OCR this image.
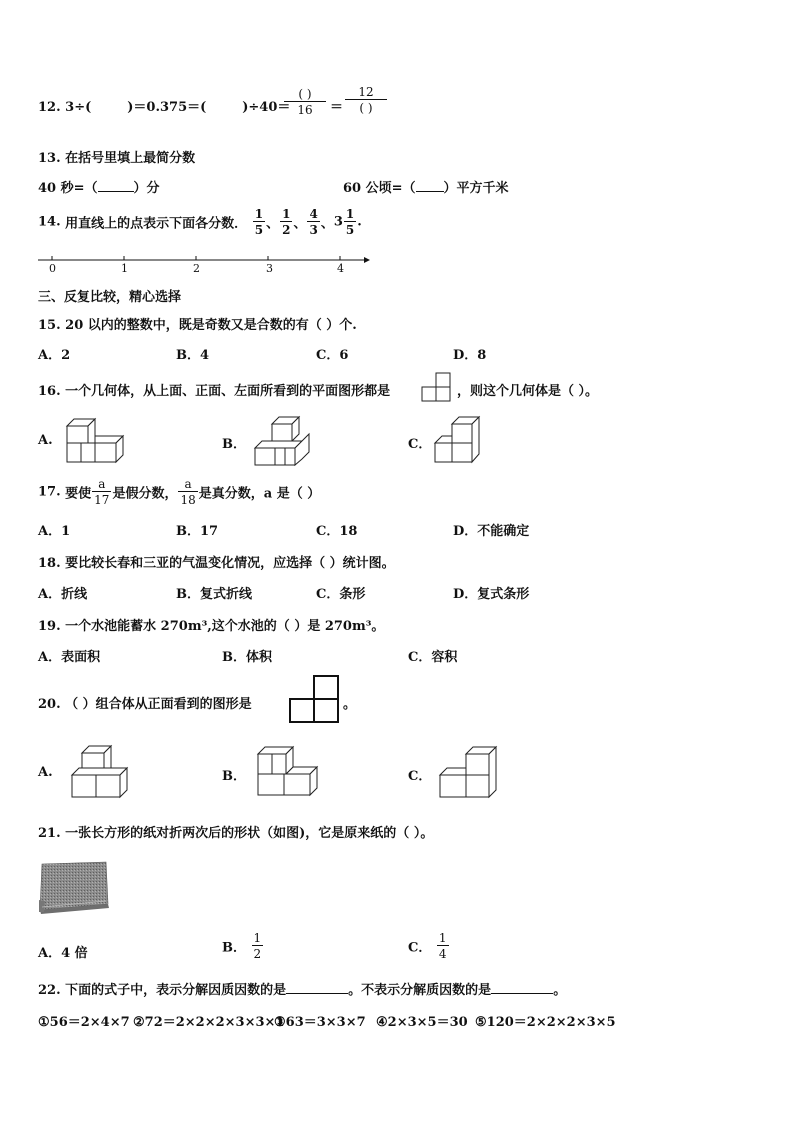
12. 3÷(	)＝0.375＝(	)÷40＝
$\frac{( )}{16} = \frac{12}{( )}$
13. 在括号里填上最简分数
40 秒=（	）分	60 公顷=（ ）平方千米
14. 用直线上的点表示下面各分数． $\frac{1}{5}$ 、 $\frac{1}{2}$ 、 $\frac{4}{3}$ 、$3 \frac{1}{5}$ .
0	1	2	3	4
三、反复比较，精心选择
15. 20 以内的整数中，既是奇数又是合数的有（ ）个.
A．2	B．4	C．6	D．8
16. 一个几何体，从上面、正面、左面所看到的平面图形都是	，则这个几何体是（ ）。
A.	B．	C．
17. 要使 $\frac{a}{17}$ 是假分数， $\frac{a}{18}$ 是真分数，a 是（ ）
A．1	B．17	C．18	D．不能确定
18. 要比较长春和三亚的气温变化情况，应选择（ ）统计图。
A．折线	B．复式折线	C．条形	D．复式条形
19. 一个水池能蓄水 270m³,这个水池的（ ）是 270m³。
A．表面积	B．体积	C．容积
20. （ ）组合体从正面看到的图形是	。
A.	B．	C．
21. 一张长方形的纸对折两次后的形状（如图)，它是原来纸的（ ）。
A．4 倍	B． $\frac{1}{2}$	C． $\frac{1}{4}$
22. 下面的式子中，表示分解因质因数的是	。不表示分解质因数的是	。
①56＝2×4×7 ②72＝2×2×2×3×3×1
③63＝3×3×7 ④2×3×5＝30 ⑤120＝2×2×2×3×5
